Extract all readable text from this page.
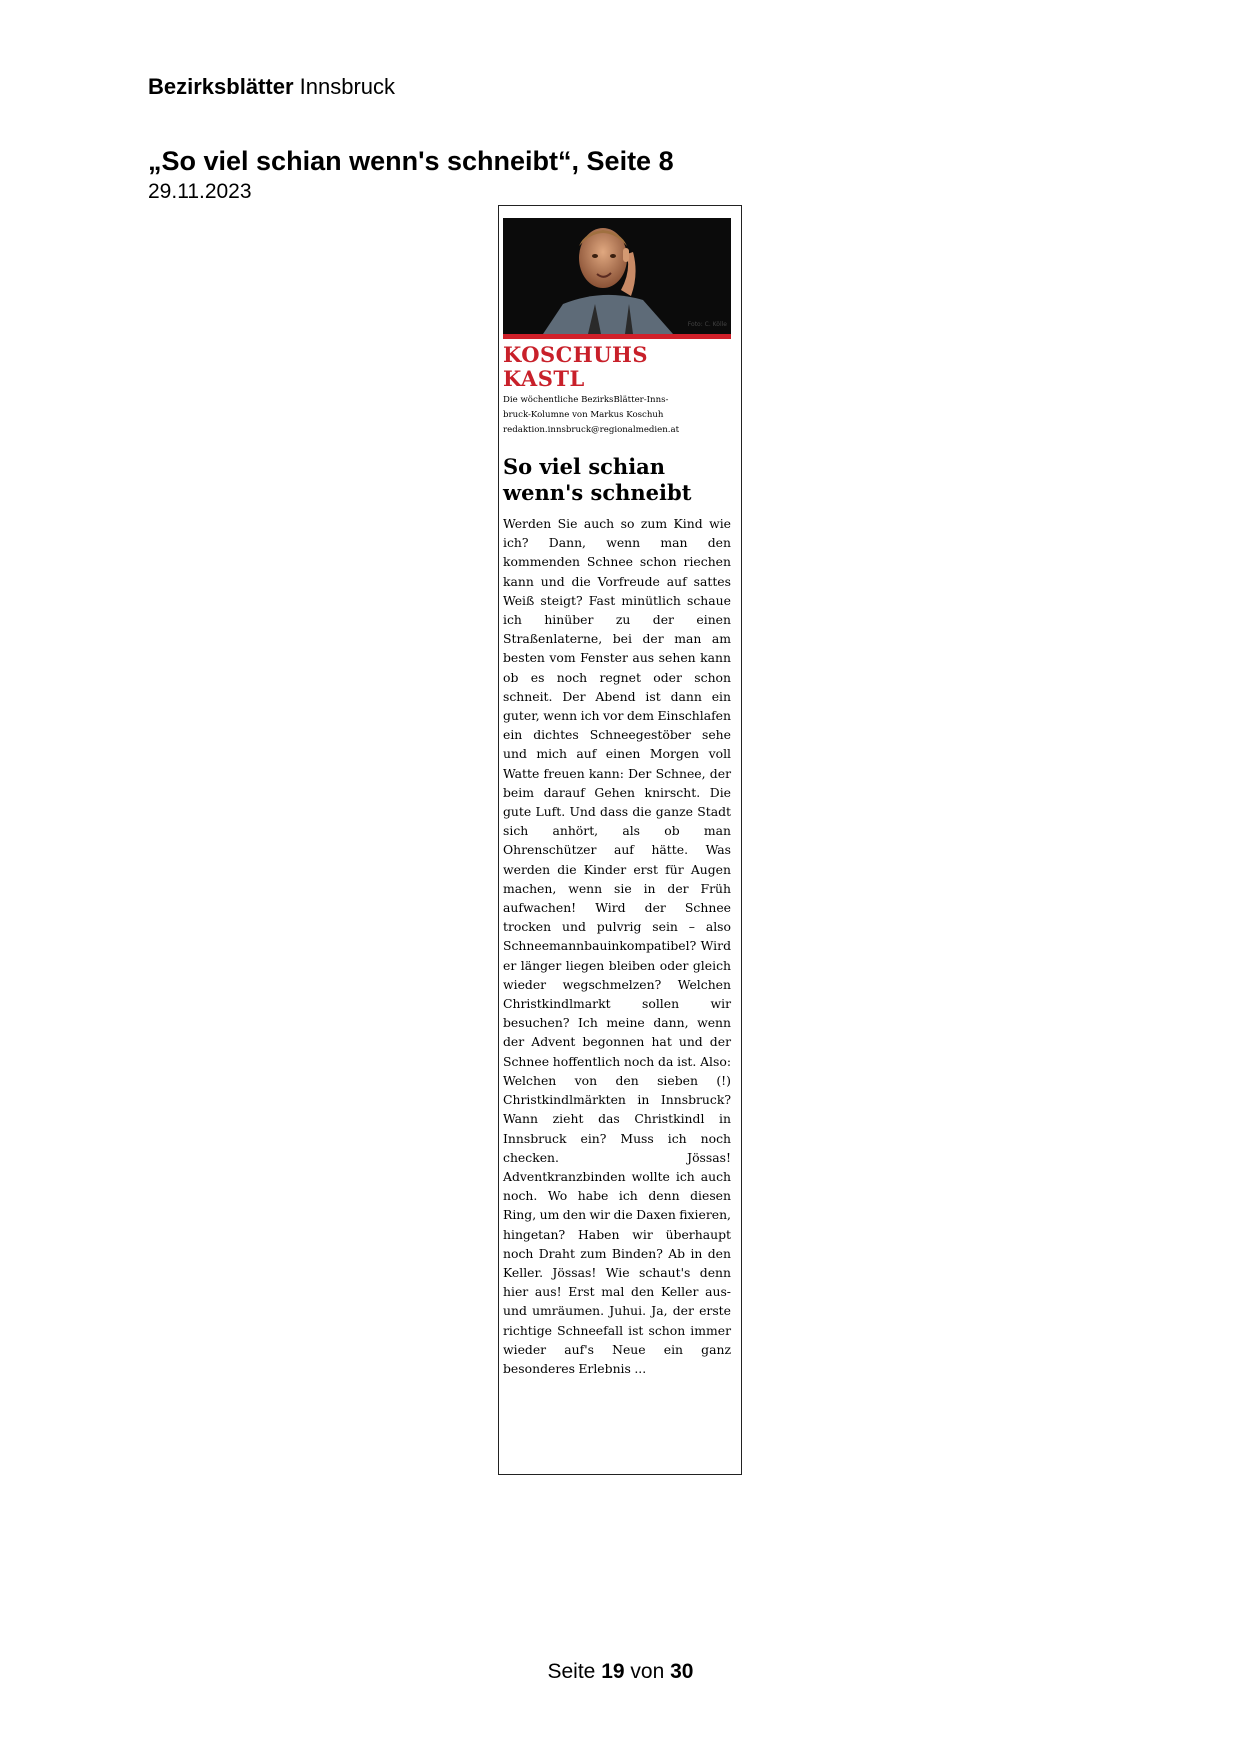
Bezirksblätter Innsbruck
„So viel schian wenn's schneibt“, Seite 8
29.11.2023
Foto: C. Kölle
KOSCHUHS KASTL
Die wöchentliche BezirksBlätter-Inns-
bruck-Kolumne von Markus Koschuh
redaktion.innsbruck@regionalmedien.at
So viel schian
wenn's schneibt
Werden Sie auch so zum Kind wie ich? Dann, wenn man den kommenden Schnee schon riechen kann und die Vorfreude auf sattes Weiß steigt? Fast minütlich schaue ich hinüber zu der einen Straßenlaterne, bei der man am besten vom Fenster aus sehen kann ob es noch regnet oder schon schneit. Der Abend ist dann ein guter, wenn ich vor dem Einschlafen ein dichtes Schneegestöber sehe und mich auf einen Morgen voll Watte freuen kann: Der Schnee, der beim darauf Gehen knirscht. Die gute Luft. Und dass die ganze Stadt sich anhört, als ob man Ohrenschützer auf hätte. Was werden die Kinder erst für Augen machen, wenn sie in der Früh aufwachen! Wird der Schnee trocken und pulvrig sein – also Schneemannbauinkompatibel? Wird er länger liegen bleiben oder gleich wieder wegschmelzen? Welchen Christkindlmarkt sollen wir besuchen? Ich meine dann, wenn der Advent begonnen hat und der Schnee hoffentlich noch da ist. Also: Welchen von den sieben (!) Christkindlmärkten in Innsbruck? Wann zieht das Christkindl in Innsbruck ein? Muss ich noch checken. Jössas! Adventkranzbinden wollte ich auch noch. Wo habe ich denn diesen Ring, um den wir die Daxen fixieren, hingetan? Haben wir überhaupt noch Draht zum Binden? Ab in den Keller. Jössas! Wie schaut's denn hier aus! Erst mal den Keller aus- und umräumen. Juhui. Ja, der erste richtige Schneefall ist schon immer wieder auf's Neue ein ganz besonderes Erlebnis ...
Seite 19 von 30
